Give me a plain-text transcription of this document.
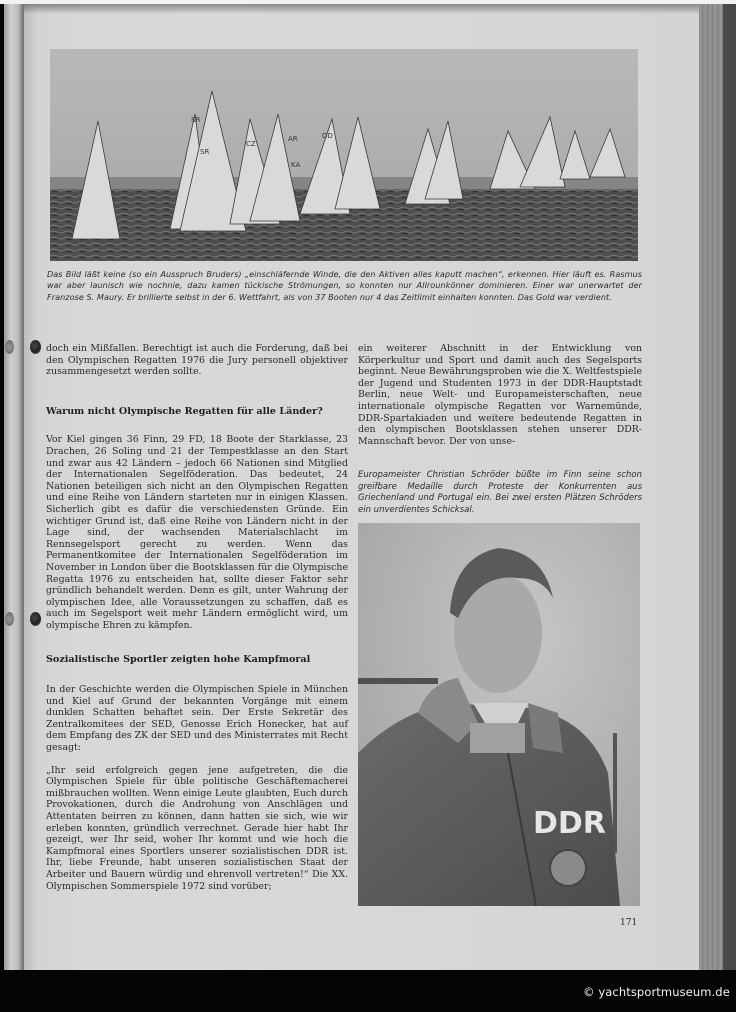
SR
SR
AR
KA
CZ
OD
Das Bild läßt keine (so ein Ausspruch Bruders) „einschläfernde Winde, die den Aktiven alles kaputt machen“, erkennen. Hier läuft es. Rasmus war aber launisch wie nochnie, dazu kamen tückische Strömungen, so konnten nur Allrounkönner dominieren. Einer war unerwartet der Franzose S. Maury. Er brillierte selbst in der 6. Wettfahrt, als von 37 Booten nur 4 das Zeitlimit einhalten konnten. Das Gold war verdient.

doch ein Mißfallen. Berechtigt ist auch die Forderung, daß bei den Olympischen Regatten 1976 die Jury personell objektiver zusammengesetzt werden sollte.

Warum nicht Olympische Regatten für alle Länder?

Vor Kiel gingen 36 Finn, 29 FD, 18 Boote der Starklasse, 23 Drachen, 26 Soling und 21 der Tempestklasse an den Start und zwar aus 42 Ländern – jedoch 66 Nationen sind Mitglied der Internationalen Segelföderation. Das bedeutet, 24 Nationen beteiligen sich nicht an den Olympischen Regatten und eine Reihe von Ländern starteten nur in einigen Klassen. Sicherlich gibt es dafür die verschiedensten Gründe. Ein wichtiger Grund ist, daß eine Reihe von Ländern nicht in der Lage sind, der wachsenden Materialschlacht im Rennsegelsport gerecht zu werden. Wenn das Permanentkomitee der Internationalen Segelföderation im November in London über die Bootsklassen für die Olympische Regatta 1976 zu entscheiden hat, sollte dieser Faktor sehr gründlich behandelt werden. Denn es gilt, unter Wahrung der olympischen Idee, alle Voraussetzungen zu schaffen, daß es auch im Segelsport weit mehr Ländern ermöglicht wird, um olympische Ehren zu kämpfen.

Sozialistische Sportler zeigten hohe Kampfmoral

In der Geschichte werden die Olympischen Spiele in München und Kiel auf Grund der bekannten Vorgänge mit einem dunklen Schatten behaftet sein. Der Erste Sekretär des Zentralkomitees der SED, Genosse Erich Honecker, hat auf dem Empfang des ZK der SED und des Ministerrates mit Recht gesagt:

„Ihr seid erfolgreich gegen jene aufgetreten, die die Olympischen Spiele für üble politische Geschäftemacherei mißbrauchen wollten. Wenn einige Leute glaubten, Euch durch Provokationen, durch die Androhung von Anschlägen und Attentaten beirren zu können, dann hatten sie sich, wie wir erleben konnten, gründlich verrechnet. Gerade hier habt Ihr gezeigt, wer Ihr seid, woher Ihr kommt und wie hoch die Kampfmoral eines Sportlers unserer sozialistischen DDR ist. Ihr, liebe Freunde, habt unseren sozialistischen Staat der Arbeiter und Bauern würdig und ehrenvoll vertreten!“ Die XX. Olympischen Sommerspiele 1972 sind vorüber;

ein weiterer Abschnitt in der Entwicklung von Körperkultur und Sport und damit auch des Segelsports beginnt. Neue Bewährungsproben wie die X. Weltfestspiele der Jugend und Studenten 1973 in der DDR-Hauptstadt Berlin, neue Welt- und Europameisterschaften, neue internationale olympische Regatten vor Warnemünde, DDR-Spartakiaden und weitere bedeutende Regatten in den olympischen Bootsklassen stehen unserer DDR-Mannschaft bevor. Der von unse-

Europameister Christian Schröder büßte im Finn seine schon greifbare Medaille durch Proteste der Konkurrenten aus Griechenland und Portugal ein. Bei zwei ersten Plätzen Schröders ein unverdientes Schicksal.
DDR
171
© yachtsportmuseum.de
